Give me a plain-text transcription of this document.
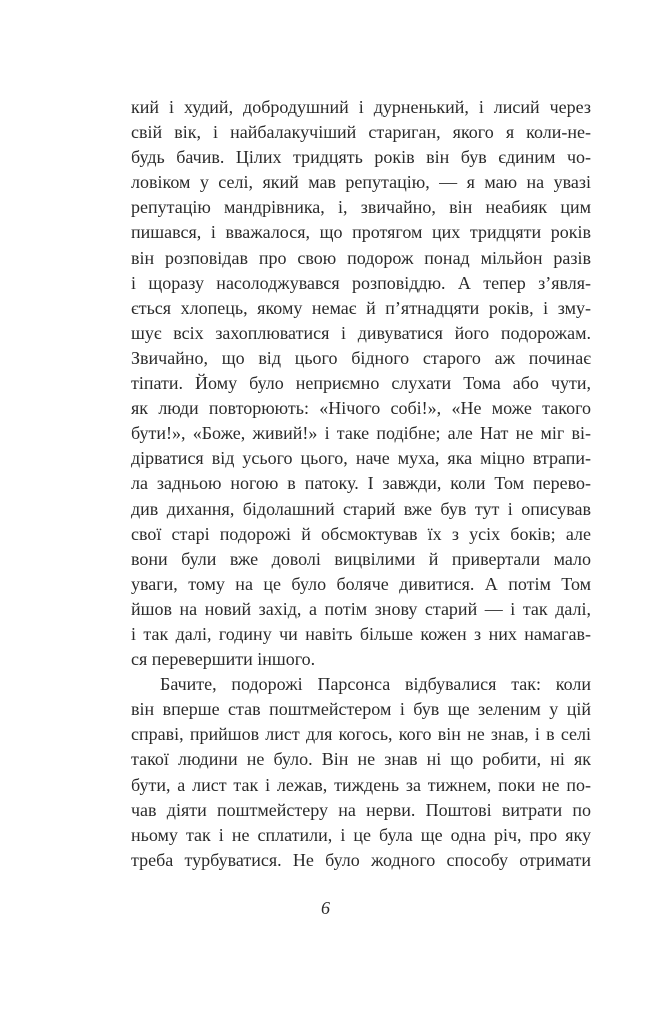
кий і худий, добродушний і дурненький, і лисий через
свій вік, і найбалакучіший стариган, якого я коли-не-
будь бачив. Цілих тридцять років він був єдиним чо-
ловіком у селі, який мав репутацію, — я маю на увазі
репутацію мандрівника, і, звичайно, він неабияк цим
пишався, і вважалося, що протягом цих тридцяти років
він розповідав про свою подорож понад мільйон разів
і щоразу насолоджувався розповіддю. А тепер з’явля-
ється хлопець, якому немає й п’ятнадцяти років, і зму-
шує всіх захоплюватися і дивуватися його подорожам.
Звичайно, що від цього бідного старого аж починає
тіпати. Йому було неприємно слухати Тома або чути,
як люди повторюють: «Нічого собі!», «Не може такого
бути!», «Боже, живий!» і таке подібне; але Нат не міг ві-
дірватися від усього цього, наче муха, яка міцно втрапи-
ла задньою ногою в патоку. І завжди, коли Том перево-
див дихання, бідолашний старий вже був тут і описував
свої старі подорожі й обсмоктував їх з усіх боків; але
вони були вже доволі вицвілими й привертали мало
уваги, тому на це було боляче дивитися. А потім Том
йшов на новий захід, а потім знову старий — і так далі,
і так далі, годину чи навіть більше кожен з них намагав-
ся перевершити іншого.
Бачите, подорожі Парсонса відбувалися так: коли
він вперше став поштмейстером і був ще зеленим у цій
справі, прийшов лист для когось, кого він не знав, і в селі
такої людини не було. Він не знав ні що робити, ні як
бути, а лист так і лежав, тиждень за тижнем, поки не по-
чав діяти поштмейстеру на нерви. Поштові витрати по
ньому так і не сплатили, і це була ще одна річ, про яку
треба турбуватися. Не було жодного способу отримати
6
